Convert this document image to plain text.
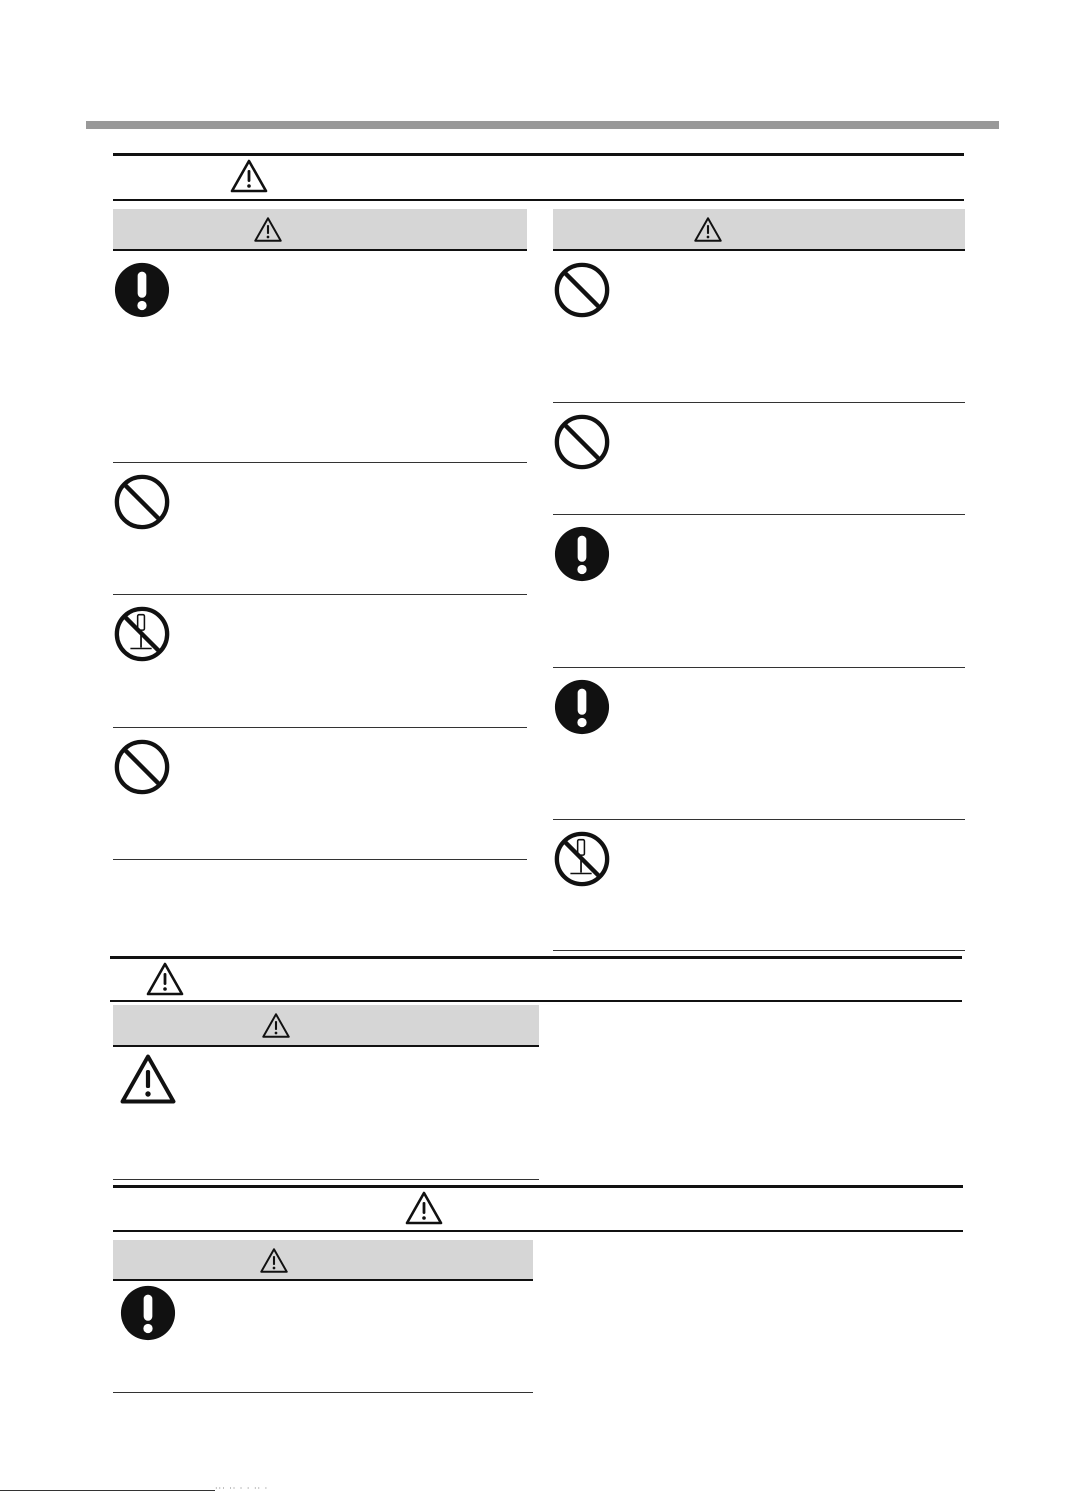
··· ·· · · ·· ·
